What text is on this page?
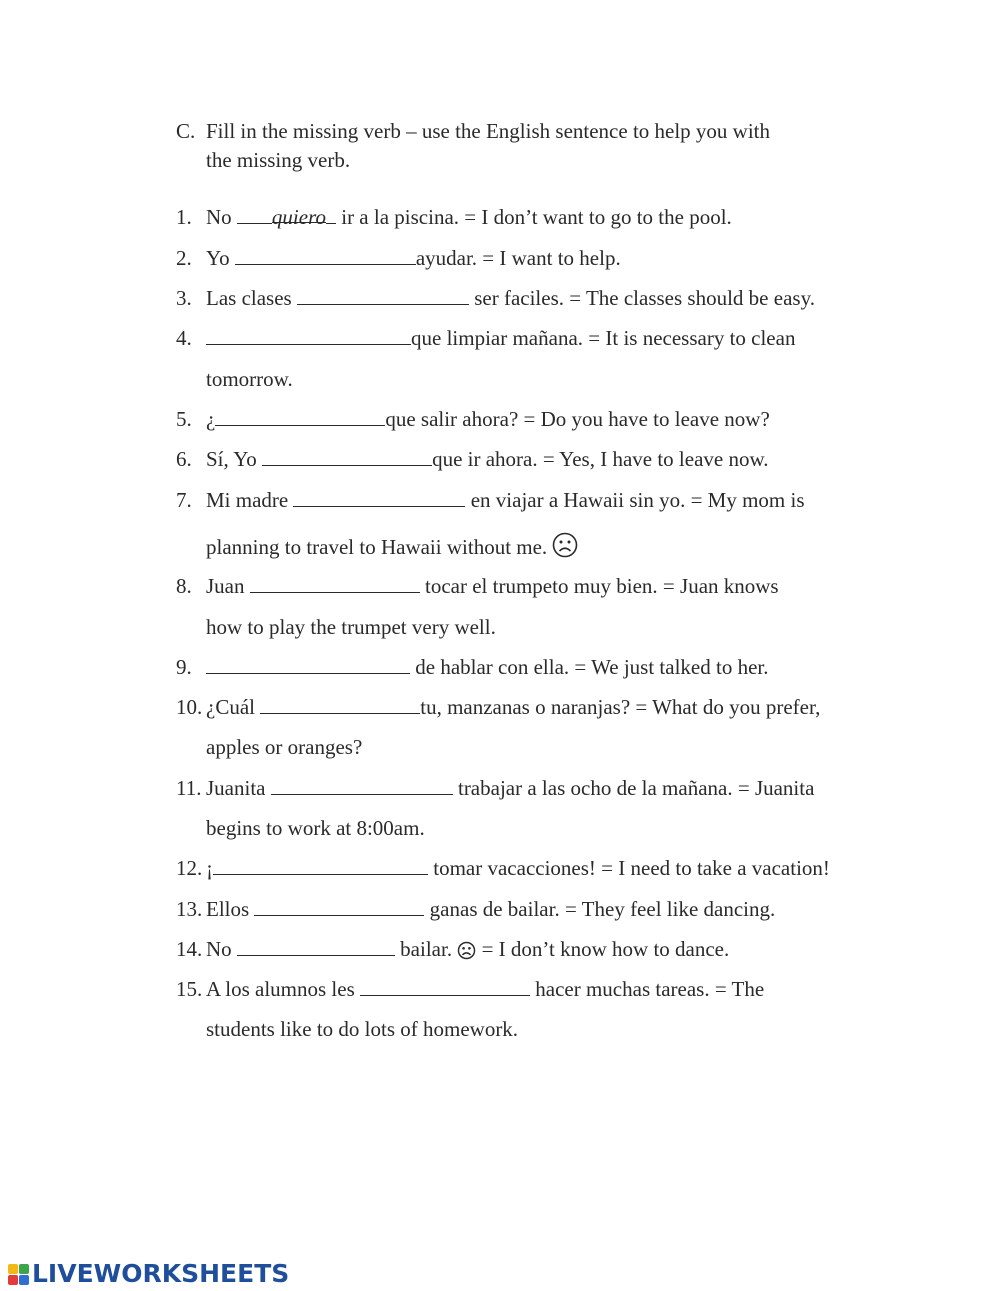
C. Fill in the missing verb – use the English sentence to help you with
the missing verb.
1. No quiero ir a la piscina. = I don’t want to go to the pool.
2. Yo	ayudar. = I want to help.
3. Las clases	ser faciles. = The classes should be easy.
4.	que limpiar mañana. = It is necessary to clean
tomorrow.
5. ¿	que salir ahora? = Do you have to leave now?
6. Sí, Yo	que ir ahora. = Yes, I have to leave now.
7. Mi madre	en viajar a Hawaii sin yo. = My mom is
planning to travel to Hawaii without me.
8. Juan	tocar el trumpeto muy bien. = Juan knows
how to play the trumpet very well.
9.	de hablar con ella. = We just talked to her.
10. ¿Cuál	tu, manzanas o naranjas? = What do you prefer,
apples or oranges?
11. Juanita	trabajar a las ocho de la mañana. = Juanita
begins to work at 8:00am.
12. ¡	tomar vacacciones! = I need to take a vacation!
13. Ellos	ganas de bailar. = They feel like dancing.
14. No	bailar.  = I don’t know how to dance.
15. A los alumnos les	hacer muchas tareas. = The
students like to do lots of homework.
LIVEWORKSHEETS
